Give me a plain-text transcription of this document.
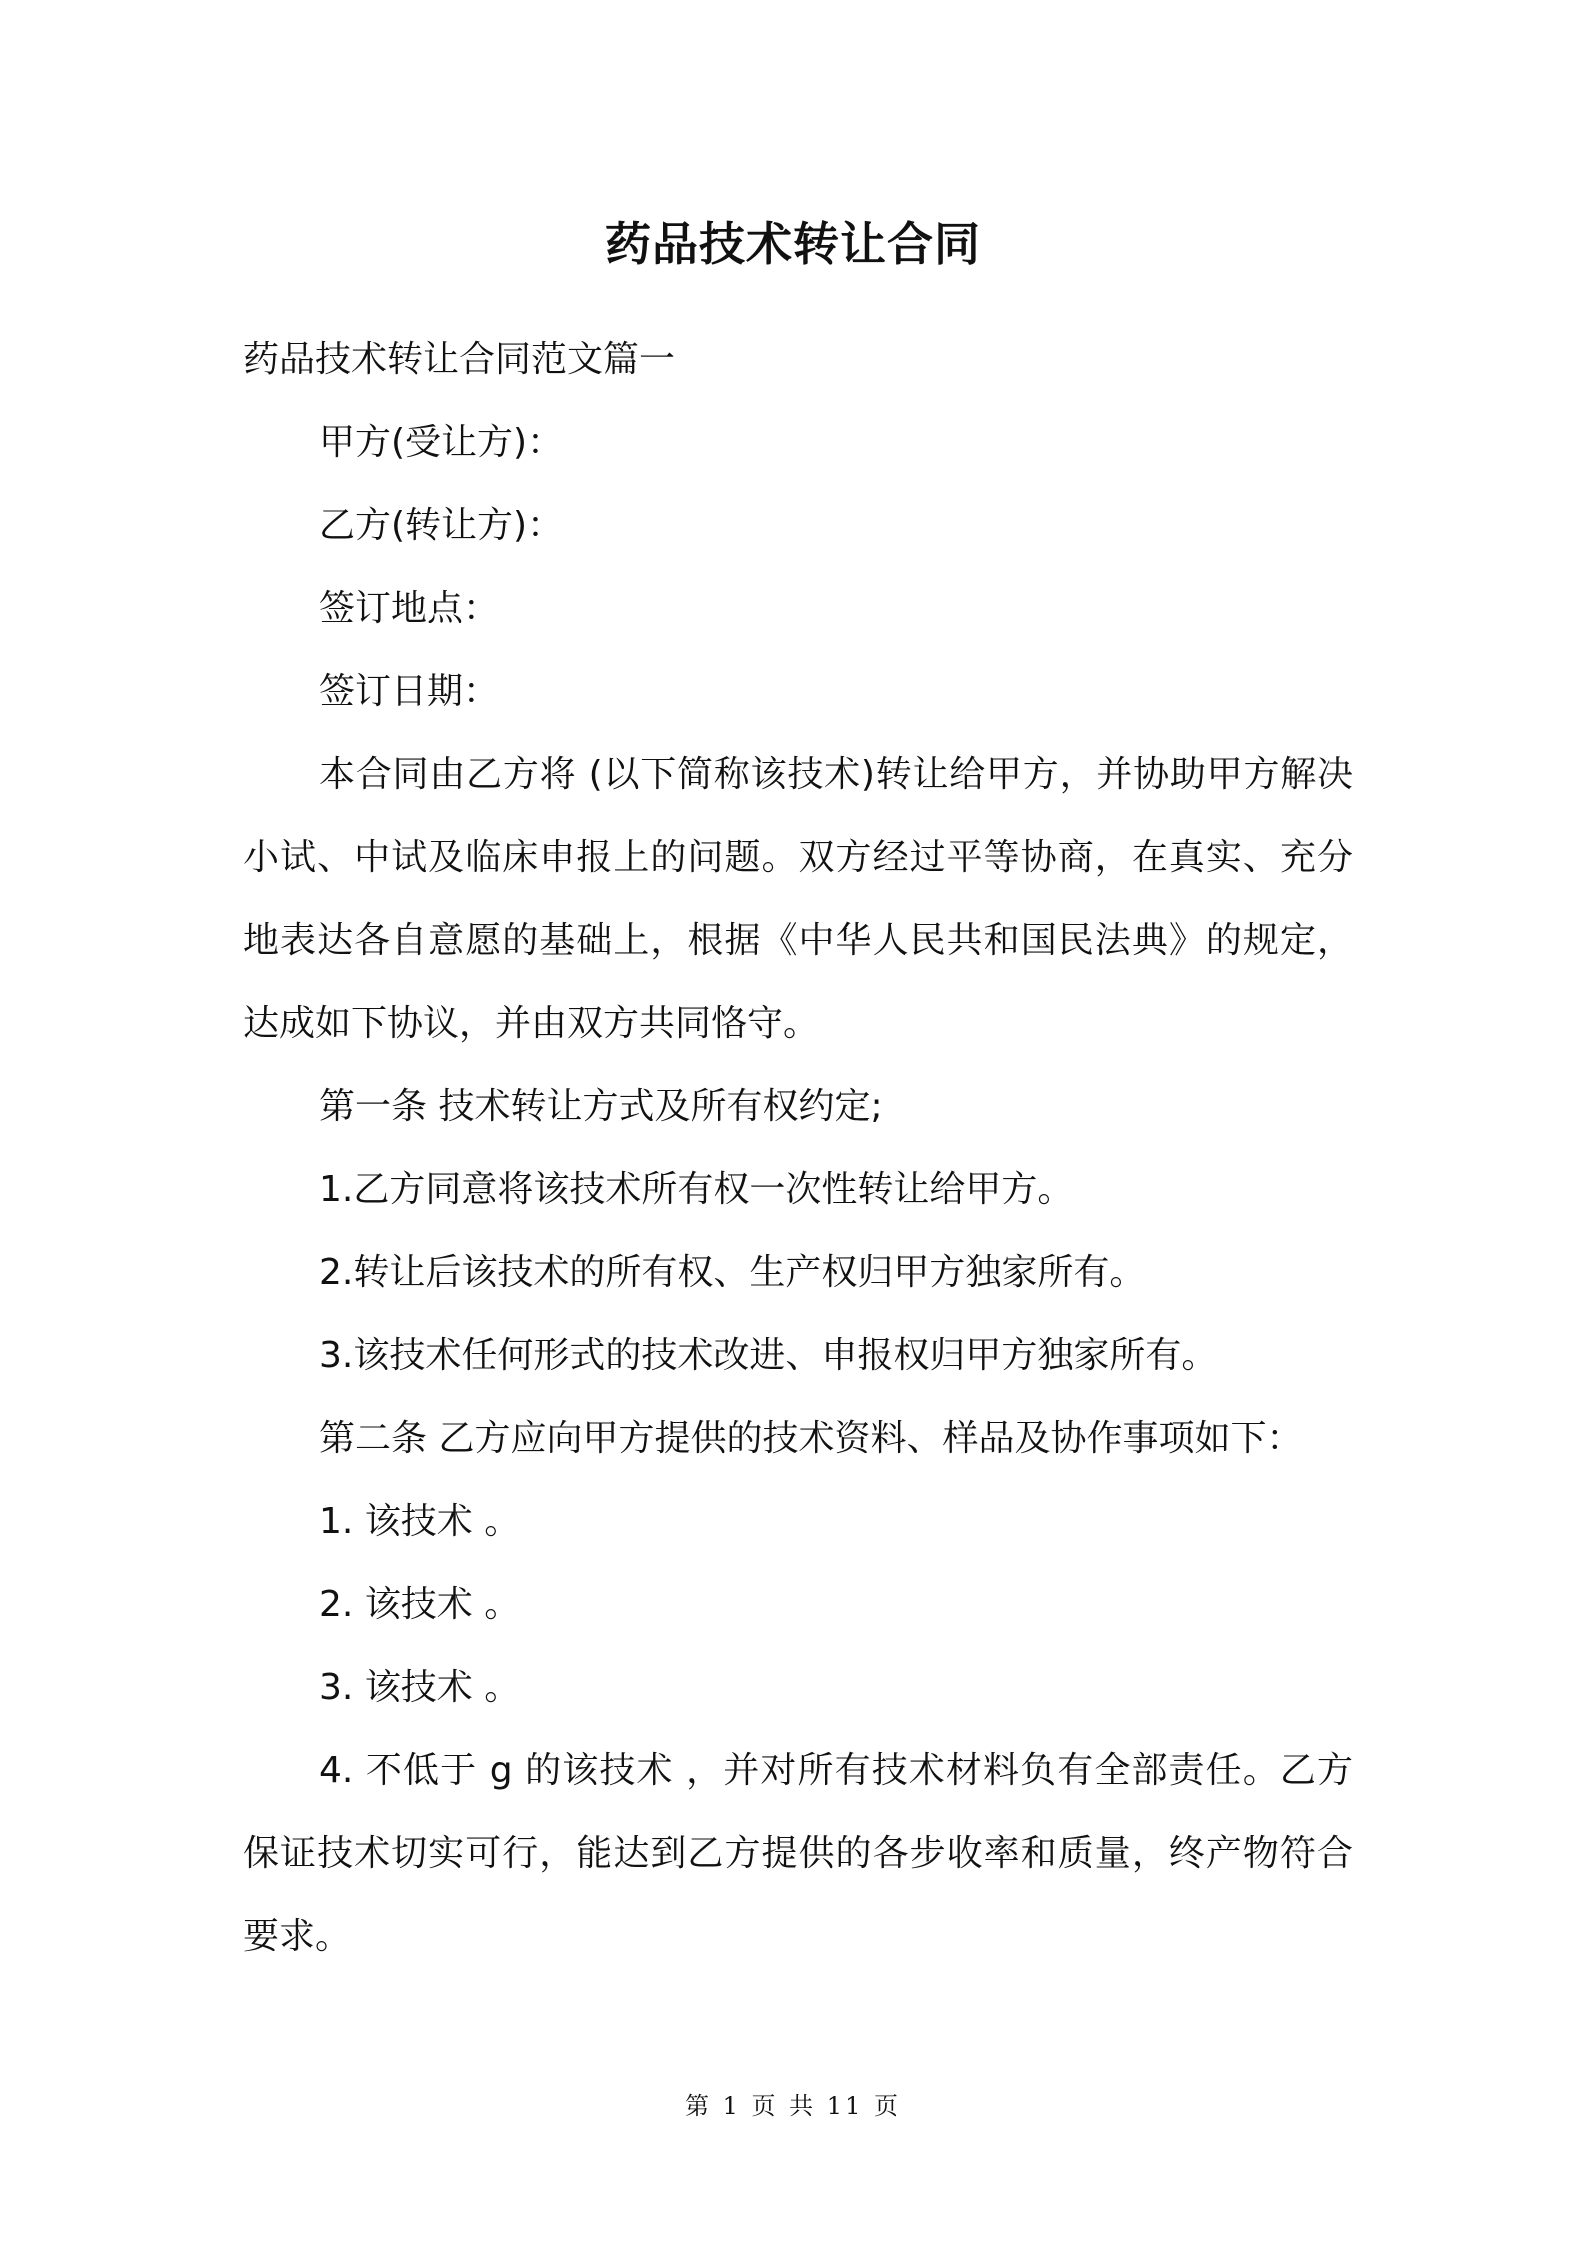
药品技术转让合同

药品技术转让合同范文篇一

甲方(受让方)：

乙方(转让方)：

签订地点：

签订日期：

本合同由乙方将 (以下简称该技术)转让给甲方，并协助甲方解决小试、中试及临床申报上的问题。双方经过平等协商，在真实、充分地表达各自意愿的基础上，根据《中华人民共和国民法典》的规定，达成如下协议，并由双方共同恪守。

第一条 技术转让方式及所有权约定;

1.乙方同意将该技术所有权一次性转让给甲方。

2.转让后该技术的所有权、生产权归甲方独家所有。

3.该技术任何形式的技术改进、申报权归甲方独家所有。

第二条 乙方应向甲方提供的技术资料、样品及协作事项如下：

1. 该技术 。

2. 该技术 。

3. 该技术 。

4. 不低于 g 的该技术 ，并对所有技术材料负有全部责任。乙方保证技术切实可行，能达到乙方提供的各步收率和质量，终产物符合 要求。

第 1 页 共 11 页
